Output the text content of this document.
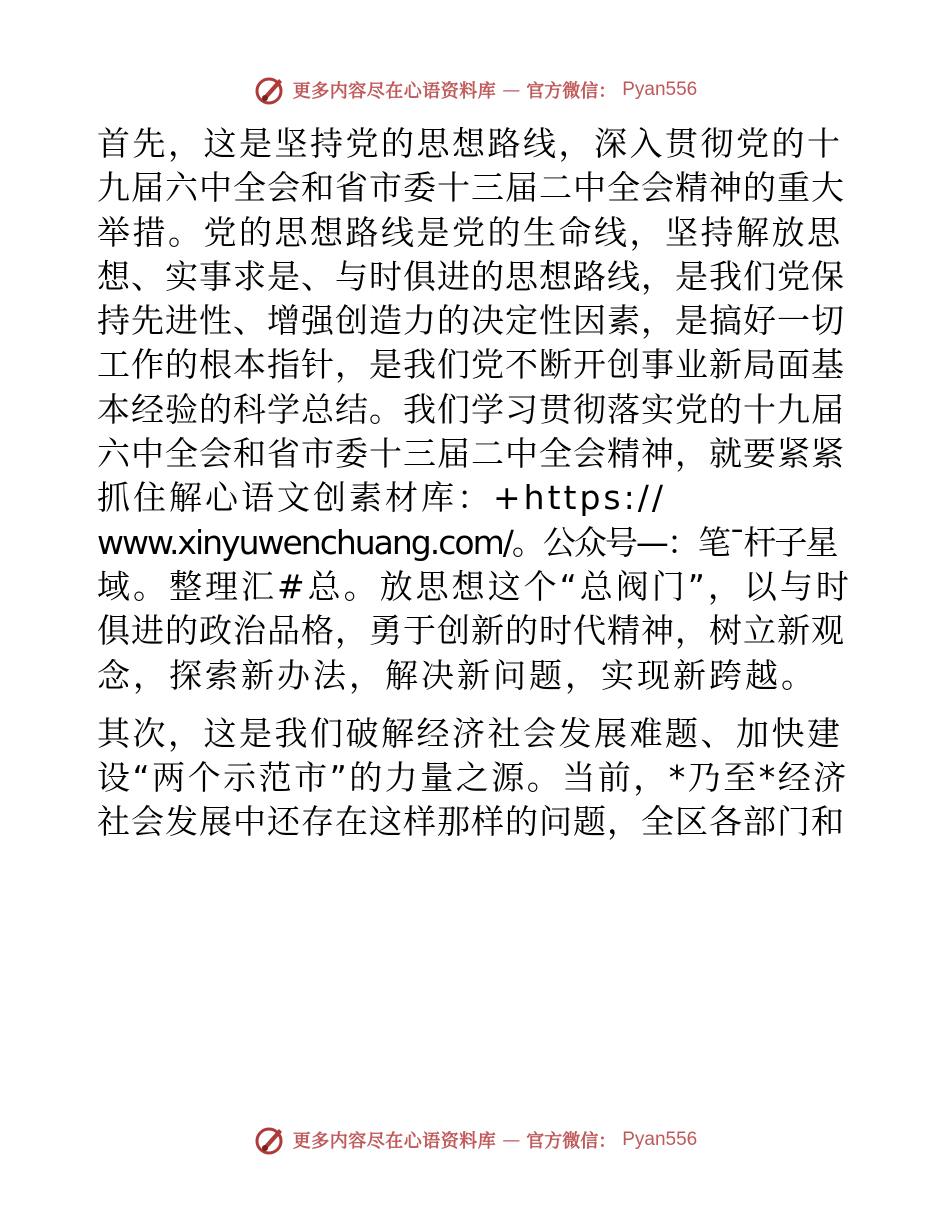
更多内容尽在心语资料库 — 官方微信： Pyan556

首先，这是坚持党的思想路线，深入贯彻党的十
九届六中全会和省市委十三届二中全会精神的重大
举措。党的思想路线是党的生命线，坚持解放思
想、实事求是、与时俱进的思想路线，是我们党保
持先进性、增强创造力的决定性因素，是搞好一切
工作的根本指针，是我们党不断开创事业新局面基
本经验的科学总结。我们学习贯彻落实党的十九届
六中全会和省市委十三届二中全会精神，就要紧紧
抓住解心语文创素材库：+https://
www.xinyuwenchuang.com/。公众号—：笔¯杆子星
域。整理汇#总。放思想这个“总阀门”，以与时
俱进的政治品格，勇于创新的时代精神，树立新观
念，探索新办法，解决新问题，实现新跨越。

其次，这是我们破解经济社会发展难题、加快建
设“两个示范市”的力量之源。当前，*乃至*经济
社会发展中还存在这样那样的问题，全区各部门和

更多内容尽在心语资料库 — 官方微信： Pyan556
